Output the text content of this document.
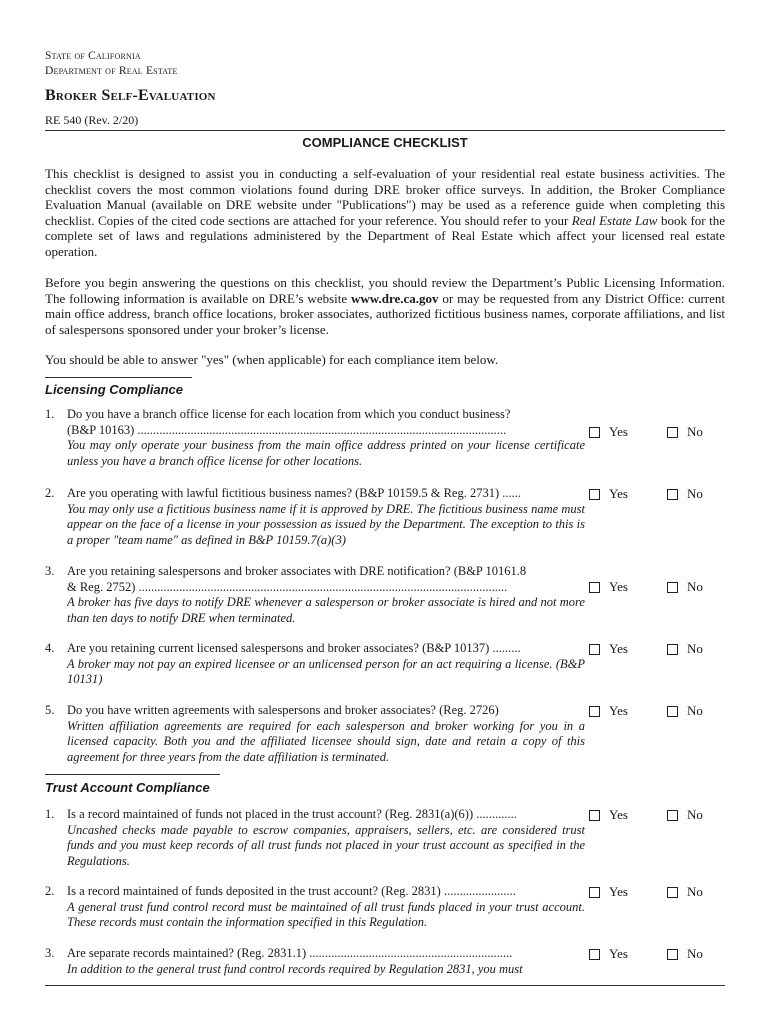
State of California
Department of Real Estate
Broker Self-Evaluation
RE 540 (Rev. 2/20)
COMPLIANCE CHECKLIST
This checklist is designed to assist you in conducting a self-evaluation of your residential real estate business activities. The checklist covers the most common violations found during DRE broker office surveys. In addition, the Broker Compliance Evaluation Manual (available on DRE website under "Publications") may be used as a reference guide when completing this checklist. Copies of the cited code sections are attached for your reference. You should refer to your Real Estate Law book for the complete set of laws and regulations administered by the Department of Real Estate which affect your licensed real estate operation.
Before you begin answering the questions on this checklist, you should review the Department’s Public Licensing Information. The following information is available on DRE’s website www.dre.ca.gov or may be requested from any District Office: current main office address, branch office locations, broker associates, authorized fictitious business names, corporate affiliations, and list of salespersons sponsored under your broker’s license.
You should be able to answer "yes" (when applicable) for each compliance item below.
Licensing Compliance
1. Do you have a branch office license for each location from which you conduct business?
(B&P 10163) ......................................................................................................................
You may only operate your business from the main office address printed on your license certificate unless you have a branch office license for other locations.
Yes	No
2. Are you operating with lawful fictitious business names? (B&P 10159.5 & Reg. 2731) ......
You may only use a fictitious business name if it is approved by DRE. The fictitious business name must appear on the face of a license in your possession as issued by the Department. The exception to this is a proper "team name" as defined in B&P 10159.7(a)(3)
Yes	No
3. Are you retaining salespersons and broker associates with DRE notification? (B&P 10161.8
& Reg. 2752) ......................................................................................................................
A broker has five days to notify DRE whenever a salesperson or broker associate is hired and not more than ten days to notify DRE when terminated.
Yes	No
4. Are you retaining current licensed salespersons and broker associates? (B&P 10137) .........
A broker may not pay an expired licensee or an unlicensed person for an act requiring a license. (B&P 10131)
Yes	No
5. Do you have written agreements with salespersons and broker associates? (Reg. 2726)
Written affiliation agreements are required for each salesperson and broker working for you in a licensed capacity. Both you and the affiliated licensee should sign, date and retain a copy of this agreement for three years from the date affiliation is terminated.
Yes	No
Trust Account Compliance
1. Is a record maintained of funds not placed in the trust account? (Reg. 2831(a)(6)) .............
Uncashed checks made payable to escrow companies, appraisers, sellers, etc. are considered trust funds and you must keep records of all trust funds not placed in your trust account as specified in the Regulations.
Yes	No
2. Is a record maintained of funds deposited in the trust account? (Reg. 2831) .......................
A general trust fund control record must be maintained of all trust funds placed in your trust account. These records must contain the information specified in this Regulation.
Yes	No
3. Are separate records maintained? (Reg. 2831.1) .................................................................
In addition to the general trust fund control records required by Regulation 2831, you must
Yes	No
